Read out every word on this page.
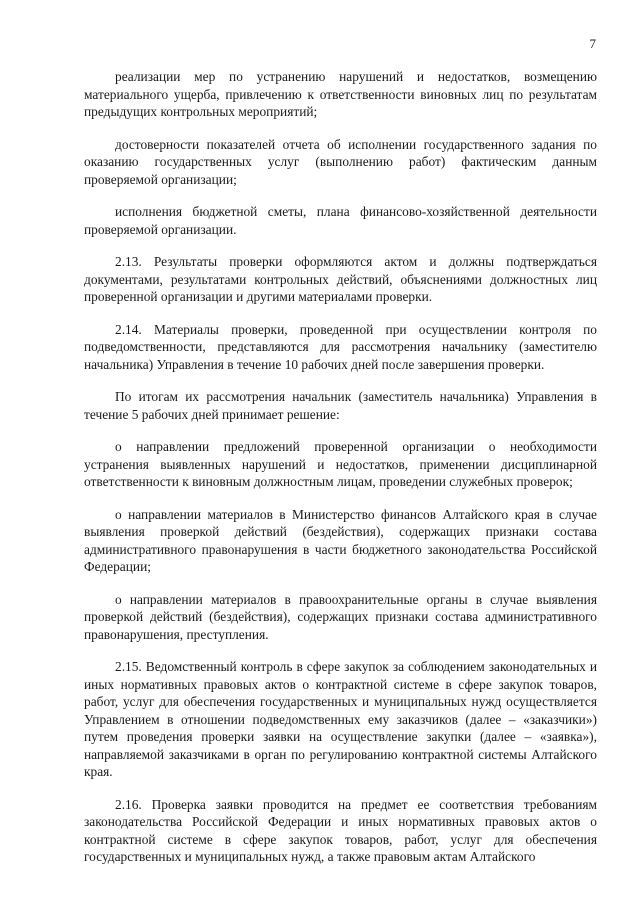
7

реализации мер по устранению нарушений и недостатков, возмещению материального ущерба, привлечению к ответственности виновных лиц по результатам предыдущих контрольных мероприятий;

достоверности показателей отчета об исполнении государственного задания по оказанию государственных услуг (выполнению работ) фактическим данным проверяемой организации;

исполнения бюджетной сметы, плана финансово-хозяйственной деятельности проверяемой организации.

2.13. Результаты проверки оформляются актом и должны подтверждаться документами, результатами контрольных действий, объяснениями должностных лиц проверенной организации и другими материалами проверки.

2.14. Материалы проверки, проведенной при осуществлении контроля по подведомственности, представляются для рассмотрения начальнику (заместителю начальника) Управления в течение 10 рабочих дней после завершения проверки.

По итогам их рассмотрения начальник (заместитель начальника) Управления в течение 5 рабочих дней принимает решение:

о направлении предложений проверенной организации о необходимости устранения выявленных нарушений и недостатков, применении дисциплинарной ответственности к виновным должностным лицам, проведении служебных проверок;

о направлении материалов в Министерство финансов Алтайского края в случае выявления проверкой действий (бездействия), содержащих признаки состава административного правонарушения в части бюджетного законодательства Российской Федерации;

о направлении материалов в правоохранительные органы в случае выявления проверкой действий (бездействия), содержащих признаки состава административного правонарушения, преступления.

2.15. Ведомственный контроль в сфере закупок за соблюдением законодательных и иных нормативных правовых актов о контрактной системе в сфере закупок товаров, работ, услуг для обеспечения государственных и муниципальных нужд осуществляется Управлением в отношении подведомственных ему заказчиков (далее – «заказчики») путем проведения проверки заявки на осуществление закупки (далее – «заявка»), направляемой заказчиками в орган по регулированию контрактной системы Алтайского края.

2.16. Проверка заявки проводится на предмет ее соответствия требованиям законодательства Российской Федерации и иных нормативных правовых актов о контрактной системе в сфере закупок товаров, работ, услуг для обеспечения государственных и муниципальных нужд, а также правовым актам Алтайского
